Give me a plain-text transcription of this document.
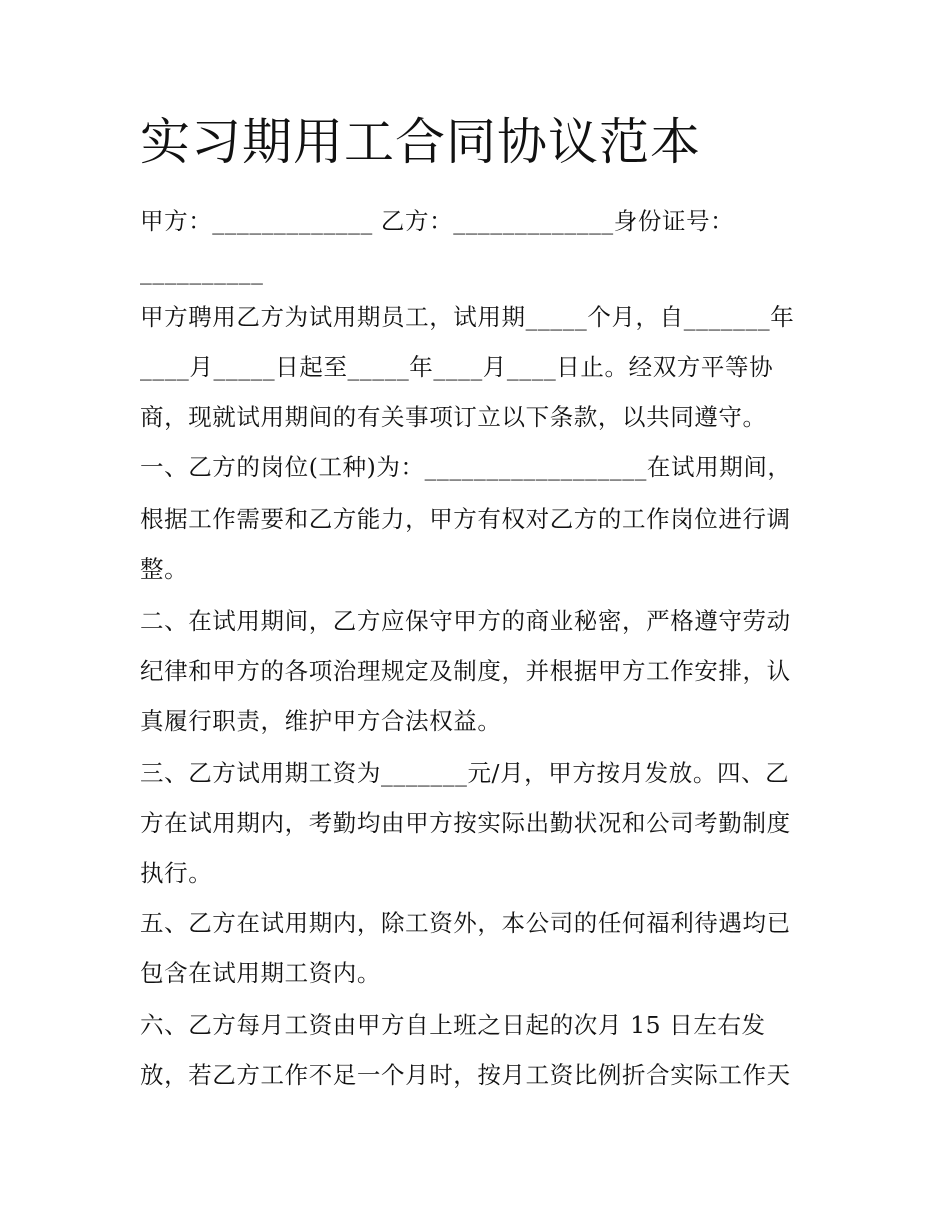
实习期用工合同协议范本
甲方：_____________ 乙方：_____________身份证号：
__________
甲方聘用乙方为试用期员工，试用期_____个月，自_______年
____月_____日起至_____年____月____日止。经双方平等协
商，现就试用期间的有关事项订立以下条款，以共同遵守。
一、乙方的岗位(工种)为：__________________在试用期间，
根据工作需要和乙方能力，甲方有权对乙方的工作岗位进行调
整。
二、在试用期间，乙方应保守甲方的商业秘密，严格遵守劳动
纪律和甲方的各项治理规定及制度，并根据甲方工作安排，认
真履行职责，维护甲方合法权益。
三、乙方试用期工资为_______元/月，甲方按月发放。四、乙
方在试用期内，考勤均由甲方按实际出勤状况和公司考勤制度
执行。
五、乙方在试用期内，除工资外，本公司的任何福利待遇均已
包含在试用期工资内。
六、乙方每月工资由甲方自上班之日起的次月 15 日左右发
放，若乙方工作不足一个月时，按月工资比例折合实际工作天
